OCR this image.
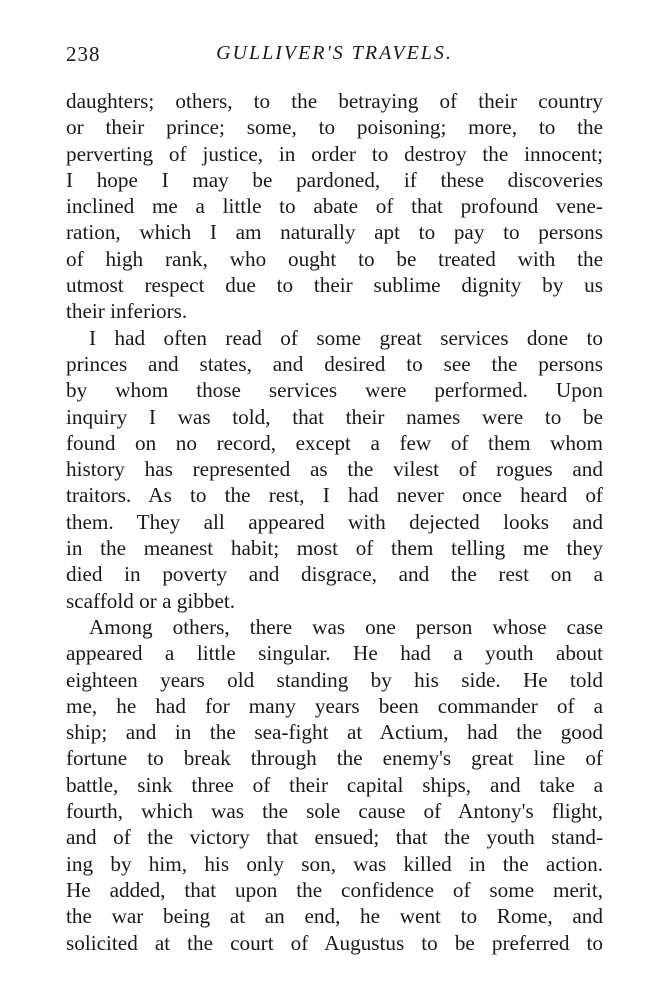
238	GULLIVER'S TRAVELS.
daughters; others, to the betraying of their country
or their prince; some, to poisoning; more, to the
perverting of justice, in order to destroy the innocent;
I hope I may be pardoned, if these discoveries
inclined me a little to abate of that profound vene-
ration, which I am naturally apt to pay to persons
of high rank, who ought to be treated with the
utmost respect due to their sublime dignity by us
their inferiors.
I had often read of some great services done to
princes and states, and desired to see the persons
by whom those services were performed. Upon
inquiry I was told, that their names were to be
found on no record, except a few of them whom
history has represented as the vilest of rogues and
traitors. As to the rest, I had never once heard of
them. They all appeared with dejected looks and
in the meanest habit; most of them telling me they
died in poverty and disgrace, and the rest on a
scaffold or a gibbet.
Among others, there was one person whose case
appeared a little singular. He had a youth about
eighteen years old standing by his side. He told
me, he had for many years been commander of a
ship; and in the sea-fight at Actium, had the good
fortune to break through the enemy's great line of
battle, sink three of their capital ships, and take a
fourth, which was the sole cause of Antony's flight,
and of the victory that ensued; that the youth stand-
ing by him, his only son, was killed in the action.
He added, that upon the confidence of some merit,
the war being at an end, he went to Rome, and
solicited at the court of Augustus to be preferred to
